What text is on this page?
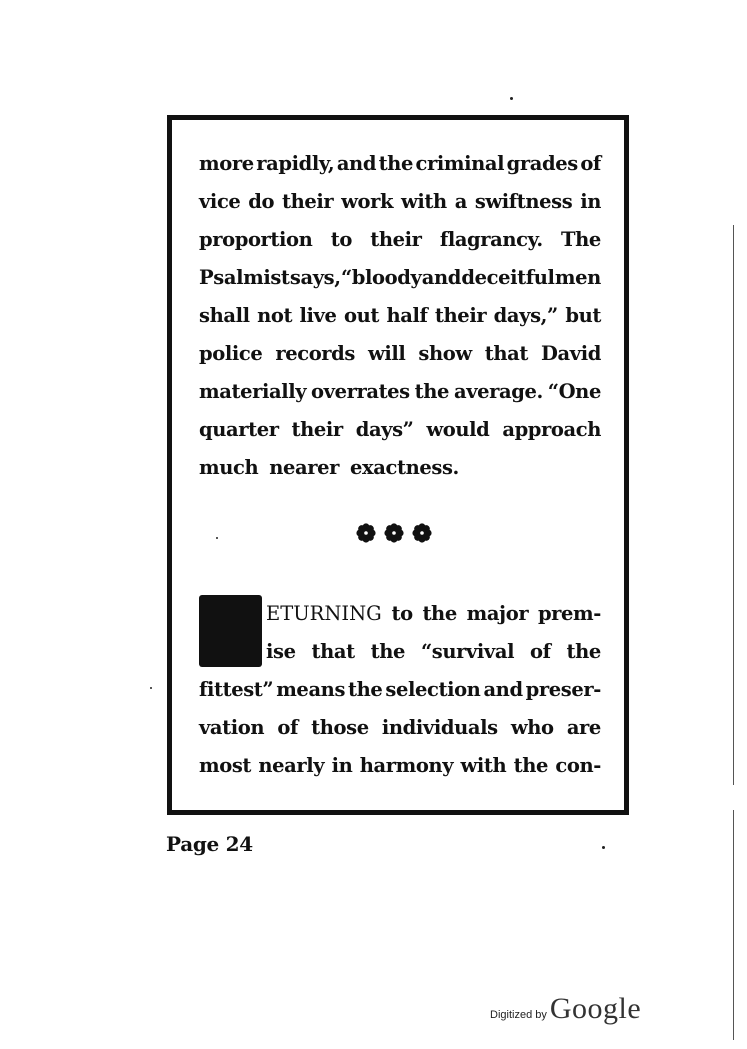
more rapidly, and the criminal grades of
vice do their work with a swiftness in
proportion to their flagrancy. The
Psalmist says, “bloody and deceitful men
shall not live out half their days,” but
police records will show that David
materially overrates the average. “One
quarter their days” would approach
much nearer exactness.
ETURNING to the major prem-
ise that the “survival of the
fittest” means the selection and preser-
vation of those individuals who are
most nearly in harmony with the con-
Page 24
Digitized by Google
